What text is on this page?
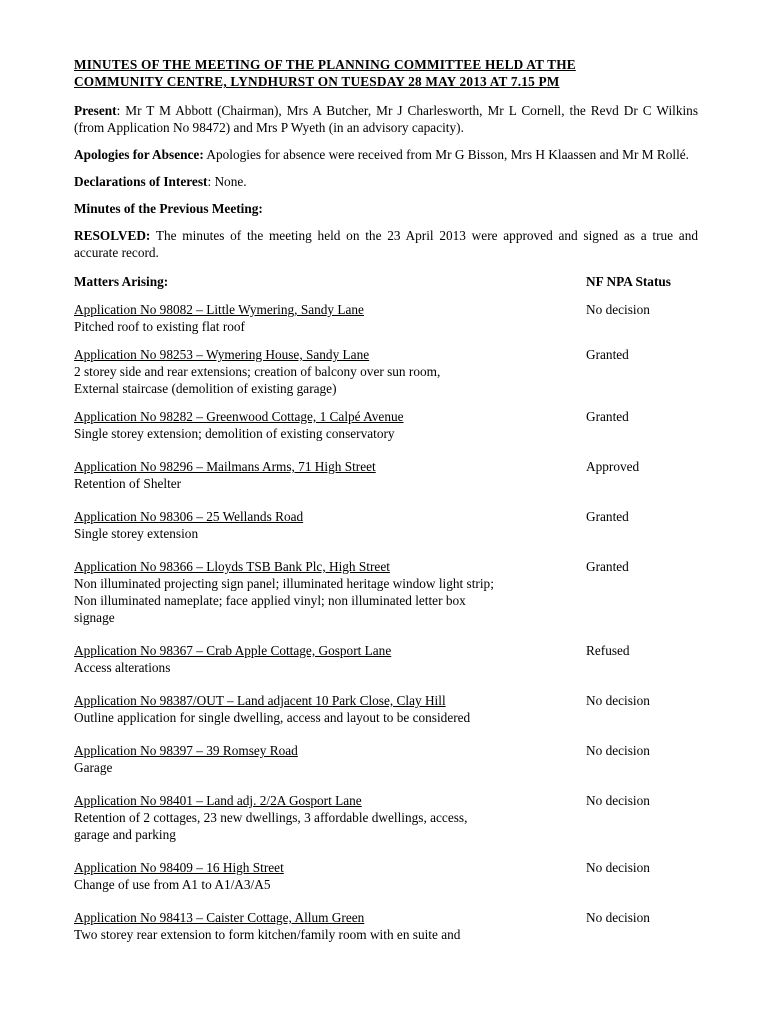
MINUTES OF THE MEETING OF THE PLANNING COMMITTEE HELD AT THE
COMMUNITY CENTRE, LYNDHURST ON TUESDAY 28 MAY 2013 AT 7.15 PM

Present: Mr T M Abbott (Chairman), Mrs A Butcher, Mr J Charlesworth, Mr L Cornell, the Revd Dr C Wilkins (from Application No 98472) and Mrs P Wyeth (in an advisory capacity).

Apologies for Absence: Apologies for absence were received from Mr G Bisson, Mrs H Klaassen and Mr M Rollé.

Declarations of Interest: None.

Minutes of the Previous Meeting:

RESOLVED: The minutes of the meeting held on the 23 April 2013 were approved and signed as a true and accurate record.

Matters Arising:	NF NPA Status
Application No 98082 – Little Wymering, Sandy Lane
Pitched roof to existing flat roof
No decision
Application No 98253 – Wymering House, Sandy Lane
2 storey side and rear extensions; creation of balcony over sun room,
External staircase (demolition of existing garage)
Granted
Application No 98282 – Greenwood Cottage, 1 Calpé Avenue
Single storey extension; demolition of existing conservatory
Granted
Application No 98296 – Mailmans Arms, 71 High Street
Retention of Shelter
Approved
Application No 98306 – 25 Wellands Road
Single storey extension
Granted
Application No 98366 – Lloyds TSB Bank Plc, High Street
Non illuminated projecting sign panel; illuminated heritage window light strip;
Non illuminated nameplate; face applied vinyl; non illuminated letter box
signage
Granted
Application No 98367 – Crab Apple Cottage, Gosport Lane
Access alterations
Refused
Application No 98387/OUT – Land adjacent 10 Park Close, Clay Hill
Outline application for single dwelling, access and layout to be considered
No decision
Application No 98397 – 39 Romsey Road
Garage
No decision
Application No 98401 – Land adj. 2/2A Gosport Lane
Retention of 2 cottages, 23 new dwellings, 3 affordable dwellings, access,
garage and parking
No decision
Application No 98409 – 16 High Street
Change of use from A1 to A1/A3/A5
No decision
Application No 98413 – Caister Cottage, Allum Green
Two storey rear extension to form kitchen/family room with en suite and
No decision
